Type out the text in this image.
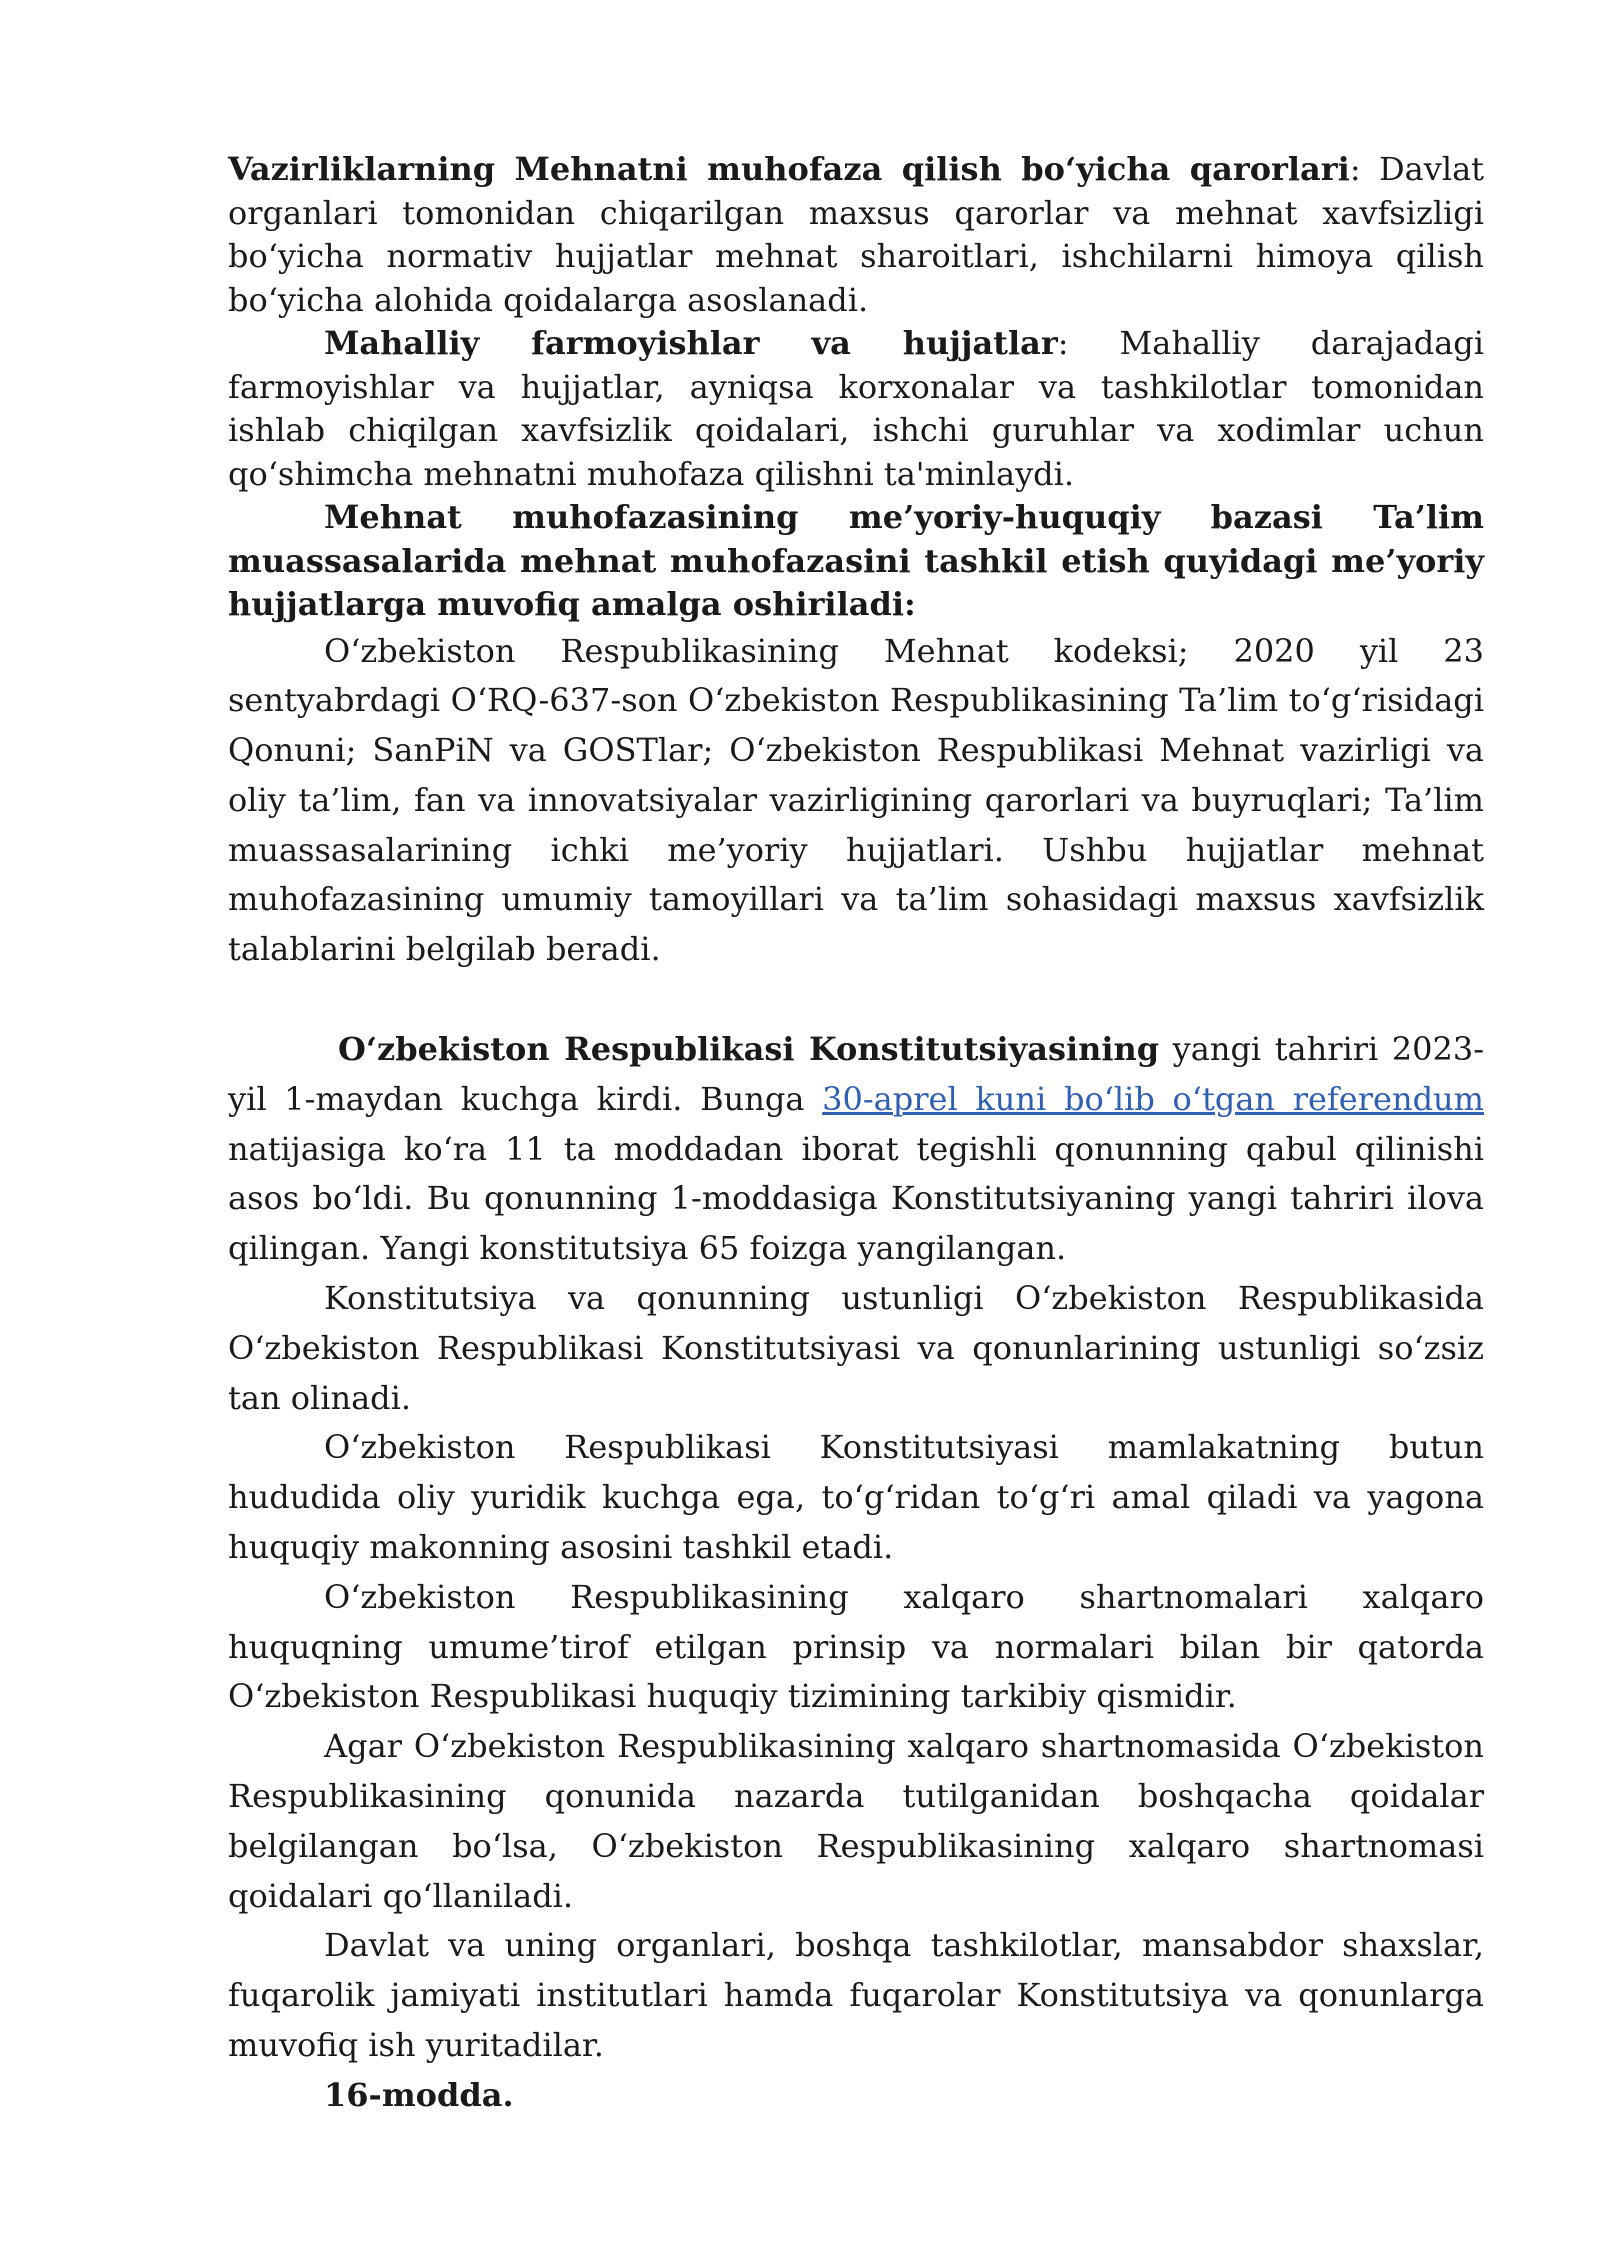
Vazirliklarning Mehnatni muhofaza qilish bo‘yicha qarorlari: Davlat organlari tomonidan chiqarilgan maxsus qarorlar va mehnat xavfsizligi bo‘yicha normativ hujjatlar mehnat sharoitlari, ishchilarni himoya qilish bo‘yicha alohida qoidalarga asoslanadi.

Mahalliy farmoyishlar va hujjatlar: Mahalliy darajadagi farmoyishlar va hujjatlar, ayniqsa korxonalar va tashkilotlar tomonidan ishlab chiqilgan xavfsizlik qoidalari, ishchi guruhlar va xodimlar uchun qo‘shimcha mehnatni muhofaza qilishni ta'minlaydi.

Mehnat muhofazasining me’yoriy-huquqiy bazasi Ta’lim muassasalarida mehnat muhofazasini tashkil etish quyidagi me’yoriy hujjatlarga muvofiq amalga oshiriladi:

O‘zbekiston Respublikasining Mehnat kodeksi; 2020 yil 23 sentyabrdagi O‘RQ-637-son O‘zbekiston Respublikasining Ta’lim to‘g‘risidagi Qonuni; SanPiN va GOSTlar; O‘zbekiston Respublikasi Mehnat vazirligi va oliy ta’lim, fan va innovatsiyalar vazirligining qarorlari va buyruqlari; Ta’lim muassasalarining ichki me’yoriy hujjatlari. Ushbu hujjatlar mehnat muhofazasining umumiy tamoyillari va ta’lim sohasidagi maxsus xavfsizlik talablarini belgilab beradi.

O‘zbekiston Respublikasi Konstitutsiyasining yangi tahriri 2023-yil 1-maydan kuchga kirdi. Bunga 30-aprel kuni bo‘lib o‘tgan referendum natijasiga ko‘ra 11 ta moddadan iborat tegishli qonunning qabul qilinishi asos bo‘ldi. Bu qonunning 1-moddasiga Konstitutsiyaning yangi tahriri ilova qilingan. Yangi konstitutsiya 65 foizga yangilangan.

Konstitutsiya va qonunning ustunligi O‘zbekiston Respublikasida O‘zbekiston Respublikasi Konstitutsiyasi va qonunlarining ustunligi so‘zsiz tan olinadi.

O‘zbekiston Respublikasi Konstitutsiyasi mamlakatning butun hududida oliy yuridik kuchga ega, to‘g‘ridan to‘g‘ri amal qiladi va yagona huquqiy makonning asosini tashkil etadi.

O‘zbekiston Respublikasining xalqaro shartnomalari xalqaro huquqning umume’tirof etilgan prinsip va normalari bilan bir qatorda O‘zbekiston Respublikasi huquqiy tizimining tarkibiy qismidir.

Agar O‘zbekiston Respublikasining xalqaro shartnomasida O‘zbekiston Respublikasining qonunida nazarda tutilganidan boshqacha qoidalar belgilangan bo‘lsa, O‘zbekiston Respublikasining xalqaro shartnomasi qoidalari qo‘llaniladi.

Davlat va uning organlari, boshqa tashkilotlar, mansabdor shaxslar, fuqarolik jamiyati institutlari hamda fuqarolar Konstitutsiya va qonunlarga muvofiq ish yuritadilar.

16-modda.
